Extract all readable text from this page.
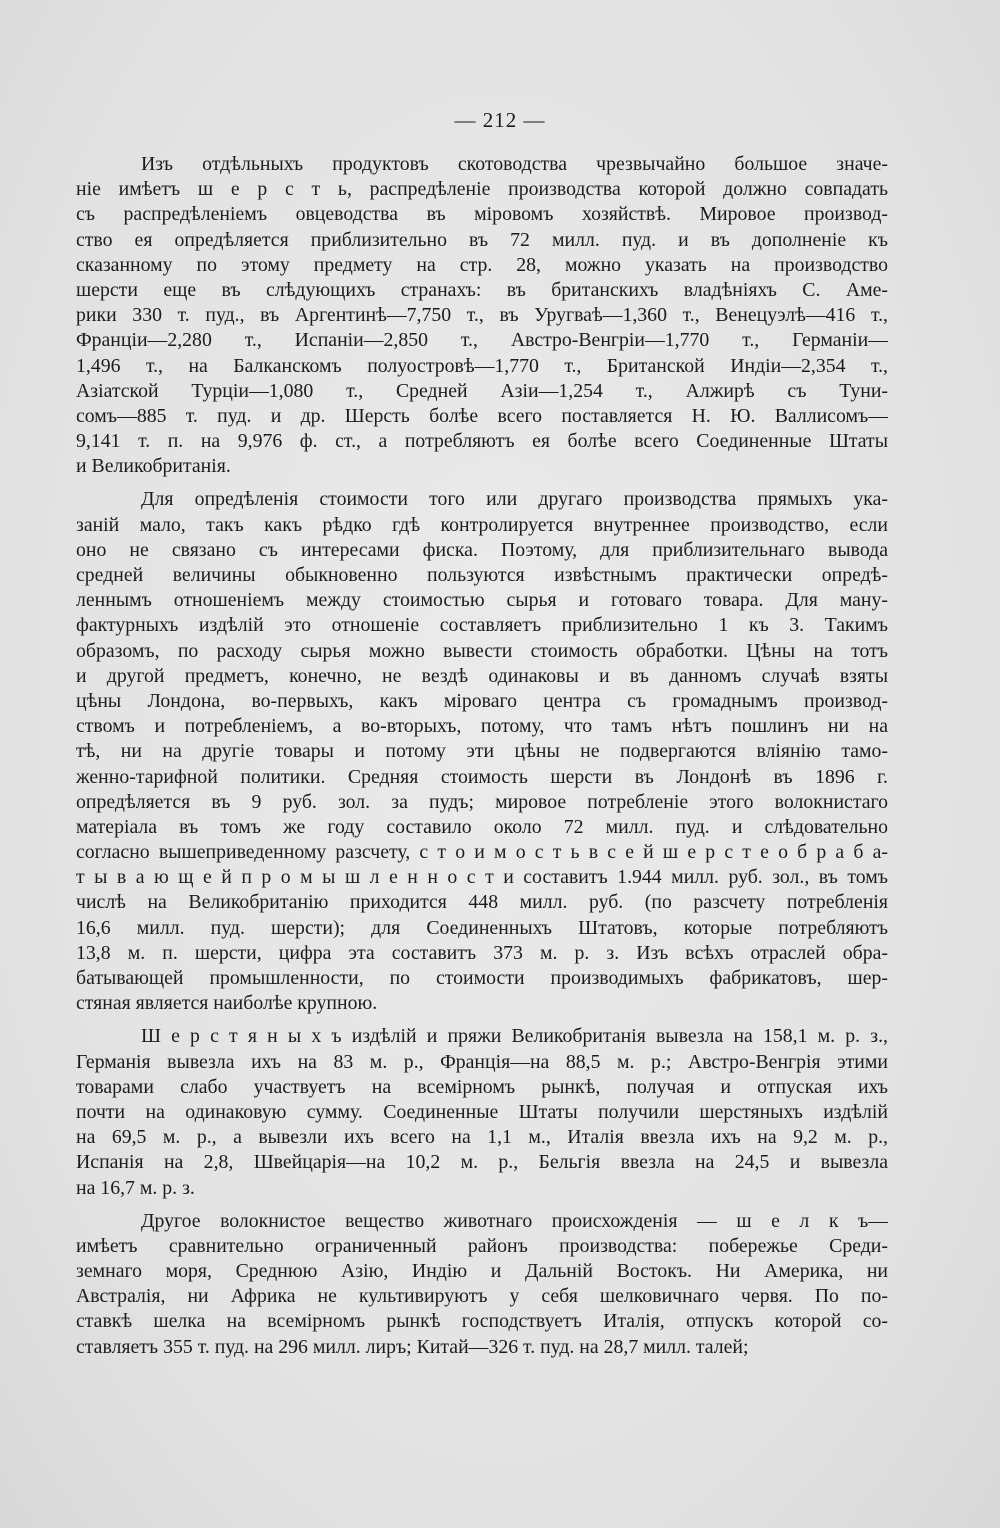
— 212 —
Изъ отдѣльныхъ продуктовъ скотоводства чрезвычайно большое значе-
ніе имѣетъ ш е р с т ь, распредѣленіе производства которой должно совпадать
съ распредѣленіемъ овцеводства въ міровомъ хозяйствѣ. Мировое производ-
ство ея опредѣляется приблизительно въ 72 милл. пуд. и въ дополненіе къ
сказанному по этому предмету на стр. 28, можно указать на производство
шерсти еще въ слѣдующихъ странахъ: въ британскихъ владѣніяхъ С. Аме-
рики 330 т. пуд., въ Аргентинѣ—7,750 т., въ Уругваѣ—1,360 т., Венецуэлѣ—416 т.,
Франціи—2,280 т., Испаніи—2,850 т., Австро-Венгріи—1,770 т., Германіи—
1,496 т., на Балканскомъ полуостровѣ—1,770 т., Британской Индіи—2,354 т.,
Азіатской Турціи—1,080 т., Средней Азіи—1,254 т., Алжирѣ съ Туни-
сомъ—885 т. пуд. и др. Шерсть болѣе всего поставляется Н. Ю. Валлисомъ—
9,141 т. п. на 9,976 ф. ст., а потребляютъ ея болѣе всего Соединенные Штаты
и Великобританія.
Для опредѣленія стоимости того или другаго производства прямыхъ ука-
заній мало, такъ какъ рѣдко гдѣ контролируется внутреннее производство, если
оно не связано съ интересами фиска. Поэтому, для приблизительнаго вывода
средней величины обыкновенно пользуются извѣстнымъ практически опредѣ-
леннымъ отношеніемъ между стоимостью сырья и готоваго товара. Для ману-
фактурныхъ издѣлій это отношеніе составляетъ приблизительно 1 къ 3. Такимъ
образомъ, по расходу сырья можно вывести стоимость обработки. Цѣны на тотъ
и другой предметъ, конечно, не вездѣ одинаковы и въ данномъ случаѣ взяты
цѣны Лондона, во-первыхъ, какъ міроваго центра съ громаднымъ производ-
ствомъ и потребленіемъ, а во-вторыхъ, потому, что тамъ нѣтъ пошлинъ ни на
тѣ, ни на другіе товары и потому эти цѣны не подвергаются вліянію тамо-
женно-тарифной политики. Средняя стоимость шерсти въ Лондонѣ въ 1896 г.
опредѣляется въ 9 руб. зол. за пудъ; мировое потребленіе этого волокнистаго
матеріала въ томъ же году составило около 72 милл. пуд. и слѣдовательно
согласно вышеприведенному разсчету, с т о и м о с т ь в с е й ш е р с т е о б р а б а-
т ы в а ю щ е й п р о м ы ш л е н н о с т и составитъ 1.944 милл. руб. зол., въ томъ
числѣ на Великобританію приходится 448 милл. руб. (по разсчету потребленія
16,6 милл. пуд. шерсти); для Соединенныхъ Штатовъ, которые потребляютъ
13,8 м. п. шерсти, цифра эта составитъ 373 м. р. з. Изъ всѣхъ отраслей обра-
батывающей промышленности, по стоимости производимыхъ фабрикатовъ, шер-
стяная является наиболѣе крупною.
Ш е р с т я н ы х ъ издѣлій и пряжи Великобританія вывезла на 158,1 м. р. з.,
Германія вывезла ихъ на 83 м. р., Франція—на 88,5 м. р.; Австро-Венгрія этими
товарами слабо участвуетъ на всемірномъ рынкѣ, получая и отпуская ихъ
почти на одинаковую сумму. Соединенные Штаты получили шерстяныхъ издѣлій
на 69,5 м. р., а вывезли ихъ всего на 1,1 м., Италія ввезла ихъ на 9,2 м. р.,
Испанія на 2,8, Швейцарія—на 10,2 м. р., Бельгія ввезла на 24,5 и вывезла
на 16,7 м. р. з.
Другое волокнистое вещество животнаго происхожденія — ш е л к ъ—
имѣетъ сравнительно ограниченный районъ производства: побережье Среди-
земнаго моря, Среднюю Азію, Индію и Дальній Востокъ. Ни Америка, ни
Австралія, ни Африка не культивируютъ у себя шелковичнаго червя. По по-
ставкѣ шелка на всемірномъ рынкѣ господствуетъ Италія, отпускъ которой со-
ставляетъ 355 т. пуд. на 296 милл. лиръ; Китай—326 т. пуд. на 28,7 милл. талей;
